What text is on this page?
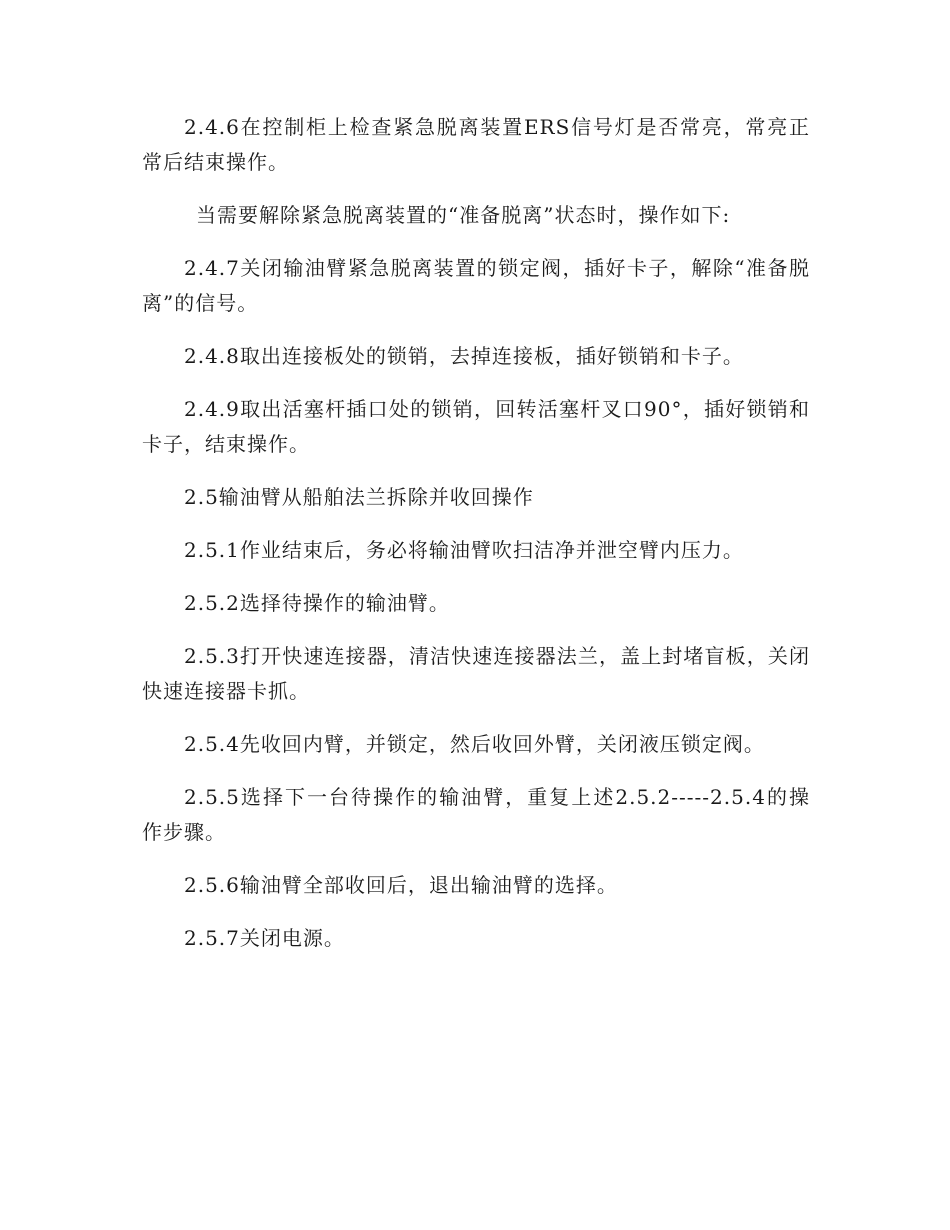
2.4.6在控制柜上检查紧急脱离装置ERS信号灯是否常亮，常亮正常后结束操作。

当需要解除紧急脱离装置的“准备脱离”状态时，操作如下:

2.4.7关闭输油臂紧急脱离装置的锁定阀，插好卡子，解除“准备脱离”的信号。

2.4.8取出连接板处的锁销，去掉连接板，插好锁销和卡子。

2.4.9取出活塞杆插口处的锁销，回转活塞杆叉口90°，插好锁销和卡子，结束操作。

2.5输油臂从船舶法兰拆除并收回操作

2.5.1作业结束后，务必将输油臂吹扫洁净并泄空臂内压力。

2.5.2选择待操作的输油臂。

2.5.3打开快速连接器，清洁快速连接器法兰，盖上封堵盲板，关闭快速连接器卡抓。

2.5.4先收回内臂，并锁定，然后收回外臂，关闭液压锁定阀。

2.5.5选择下一台待操作的输油臂，重复上述2.5.2-----2.5.4的操作步骤。

2.5.6输油臂全部收回后，退出输油臂的选择。

2.5.7关闭电源。
